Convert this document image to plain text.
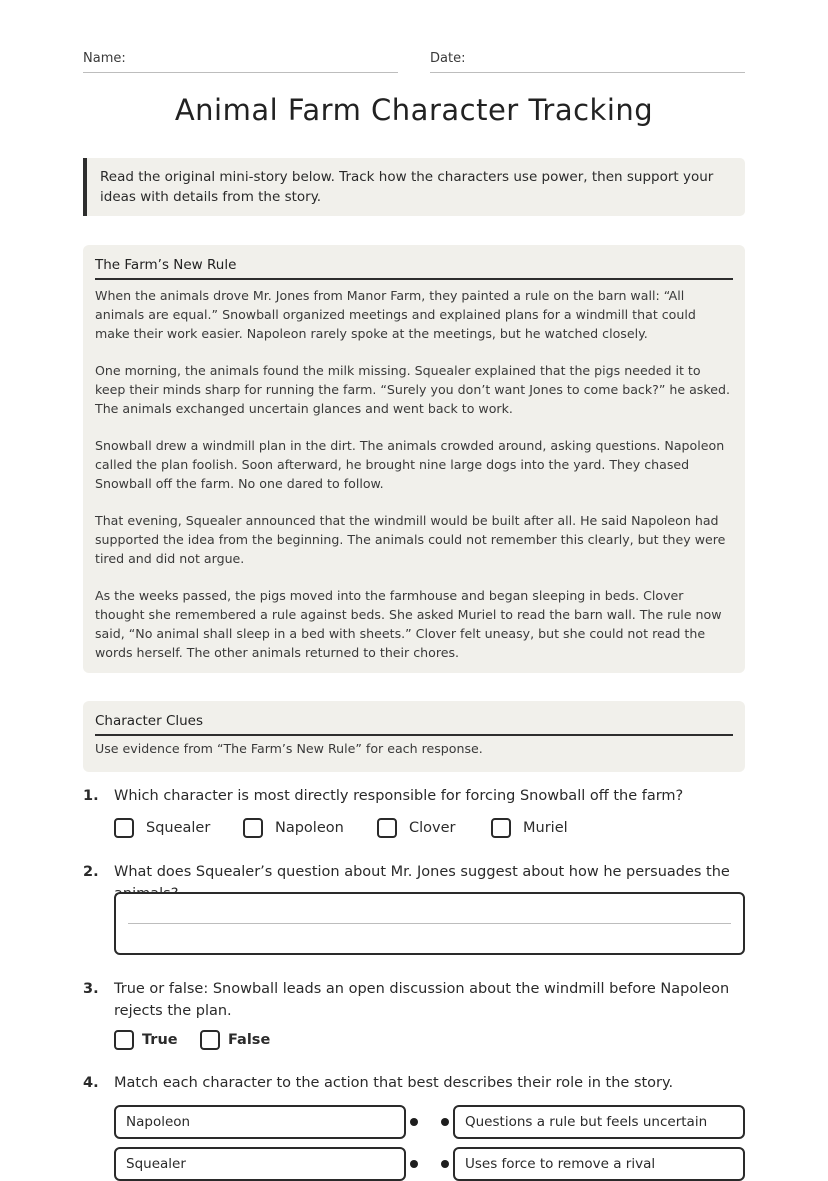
Name:	Date:
Animal Farm Character Tracking
Read the original mini-story below. Track how the characters use power, then support your ideas with details from the story.
The Farm’s New Rule

When the animals drove Mr. Jones from Manor Farm, they painted a rule on the barn wall: “All animals are equal.” Snowball organized meetings and explained plans for a windmill that could make their work easier. Napoleon rarely spoke at the meetings, but he watched closely.

One morning, the animals found the milk missing. Squealer explained that the pigs needed it to keep their minds sharp for running the farm. “Surely you don’t want Jones to come back?” he asked. The animals exchanged uncertain glances and went back to work.

Snowball drew a windmill plan in the dirt. The animals crowded around, asking questions. Napoleon called the plan foolish. Soon afterward, he brought nine large dogs into the yard. They chased Snowball off the farm. No one dared to follow.

That evening, Squealer announced that the windmill would be built after all. He said Napoleon had supported the idea from the beginning. The animals could not remember this clearly, but they were tired and did not argue.

As the weeks passed, the pigs moved into the farmhouse and began sleeping in beds. Clover thought she remembered a rule against beds. She asked Muriel to read the barn wall. The rule now said, “No animal shall sleep in a bed with sheets.” Clover felt uneasy, but she could not read the words herself. The other animals returned to their chores.

Character Clues
Use evidence from “The Farm’s New Rule” for each response.
1. Which character is most directly responsible for forcing Snowball off the farm?
Squealer	Napoleon	Clover	Muriel
2. What does Squealer’s question about Mr. Jones suggest about how he persuades the
3. True or false: Snowball leads an open discussion about the windmill before Napoleon rejects the plan.
True	False
4. Match each character to the action that best describes their role in the story.
Napoleon	Questions a rule but feels uncertain
Squealer	Uses force to remove a rival
